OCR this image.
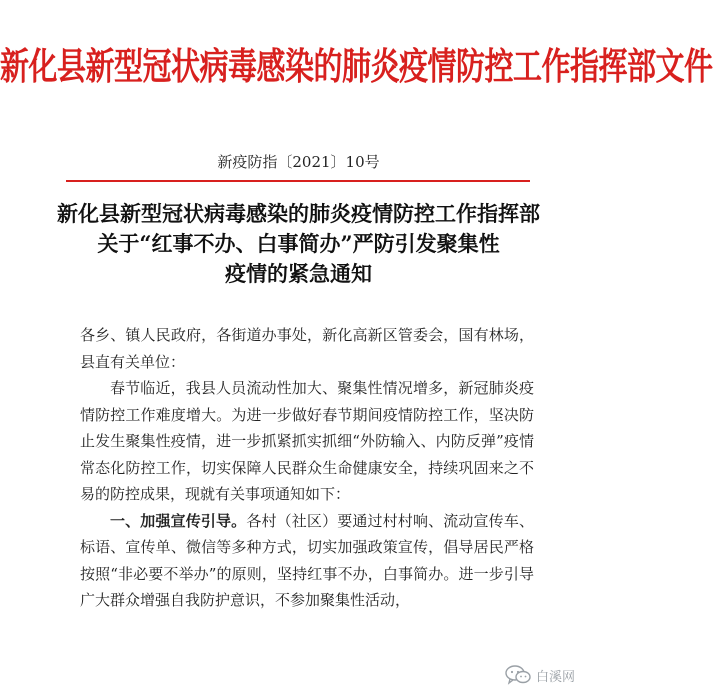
新化县新型冠状病毒感染的肺炎疫情防控工作指挥部文件
新疫防指〔2021〕10号
新化县新型冠状病毒感染的肺炎疫情防控工作指挥部
关于“红事不办、白事简办”严防引发聚集性
疫情的紧急通知

各乡、镇人民政府，各街道办事处，新化高新区管委会，国有林场，县直有关单位：

春节临近，我县人员流动性加大、聚集性情况增多，新冠肺炎疫情防控工作难度增大。为进一步做好春节期间疫情防控工作，坚决防止发生聚集性疫情，进一步抓紧抓实抓细“外防输入、内防反弹”疫情常态化防控工作，切实保障人民群众生命健康安全，持续巩固来之不易的防控成果，现就有关事项通知如下：

一、加强宣传引导。各村（社区）要通过村村响、流动宣传车、标语、宣传单、微信等多种方式，切实加强政策宣传，倡导居民严格按照“非必要不举办”的原则，坚持红事不办，白事简办。进一步引导广大群众增强自我防护意识，不参加聚集性活动，

白溪网
